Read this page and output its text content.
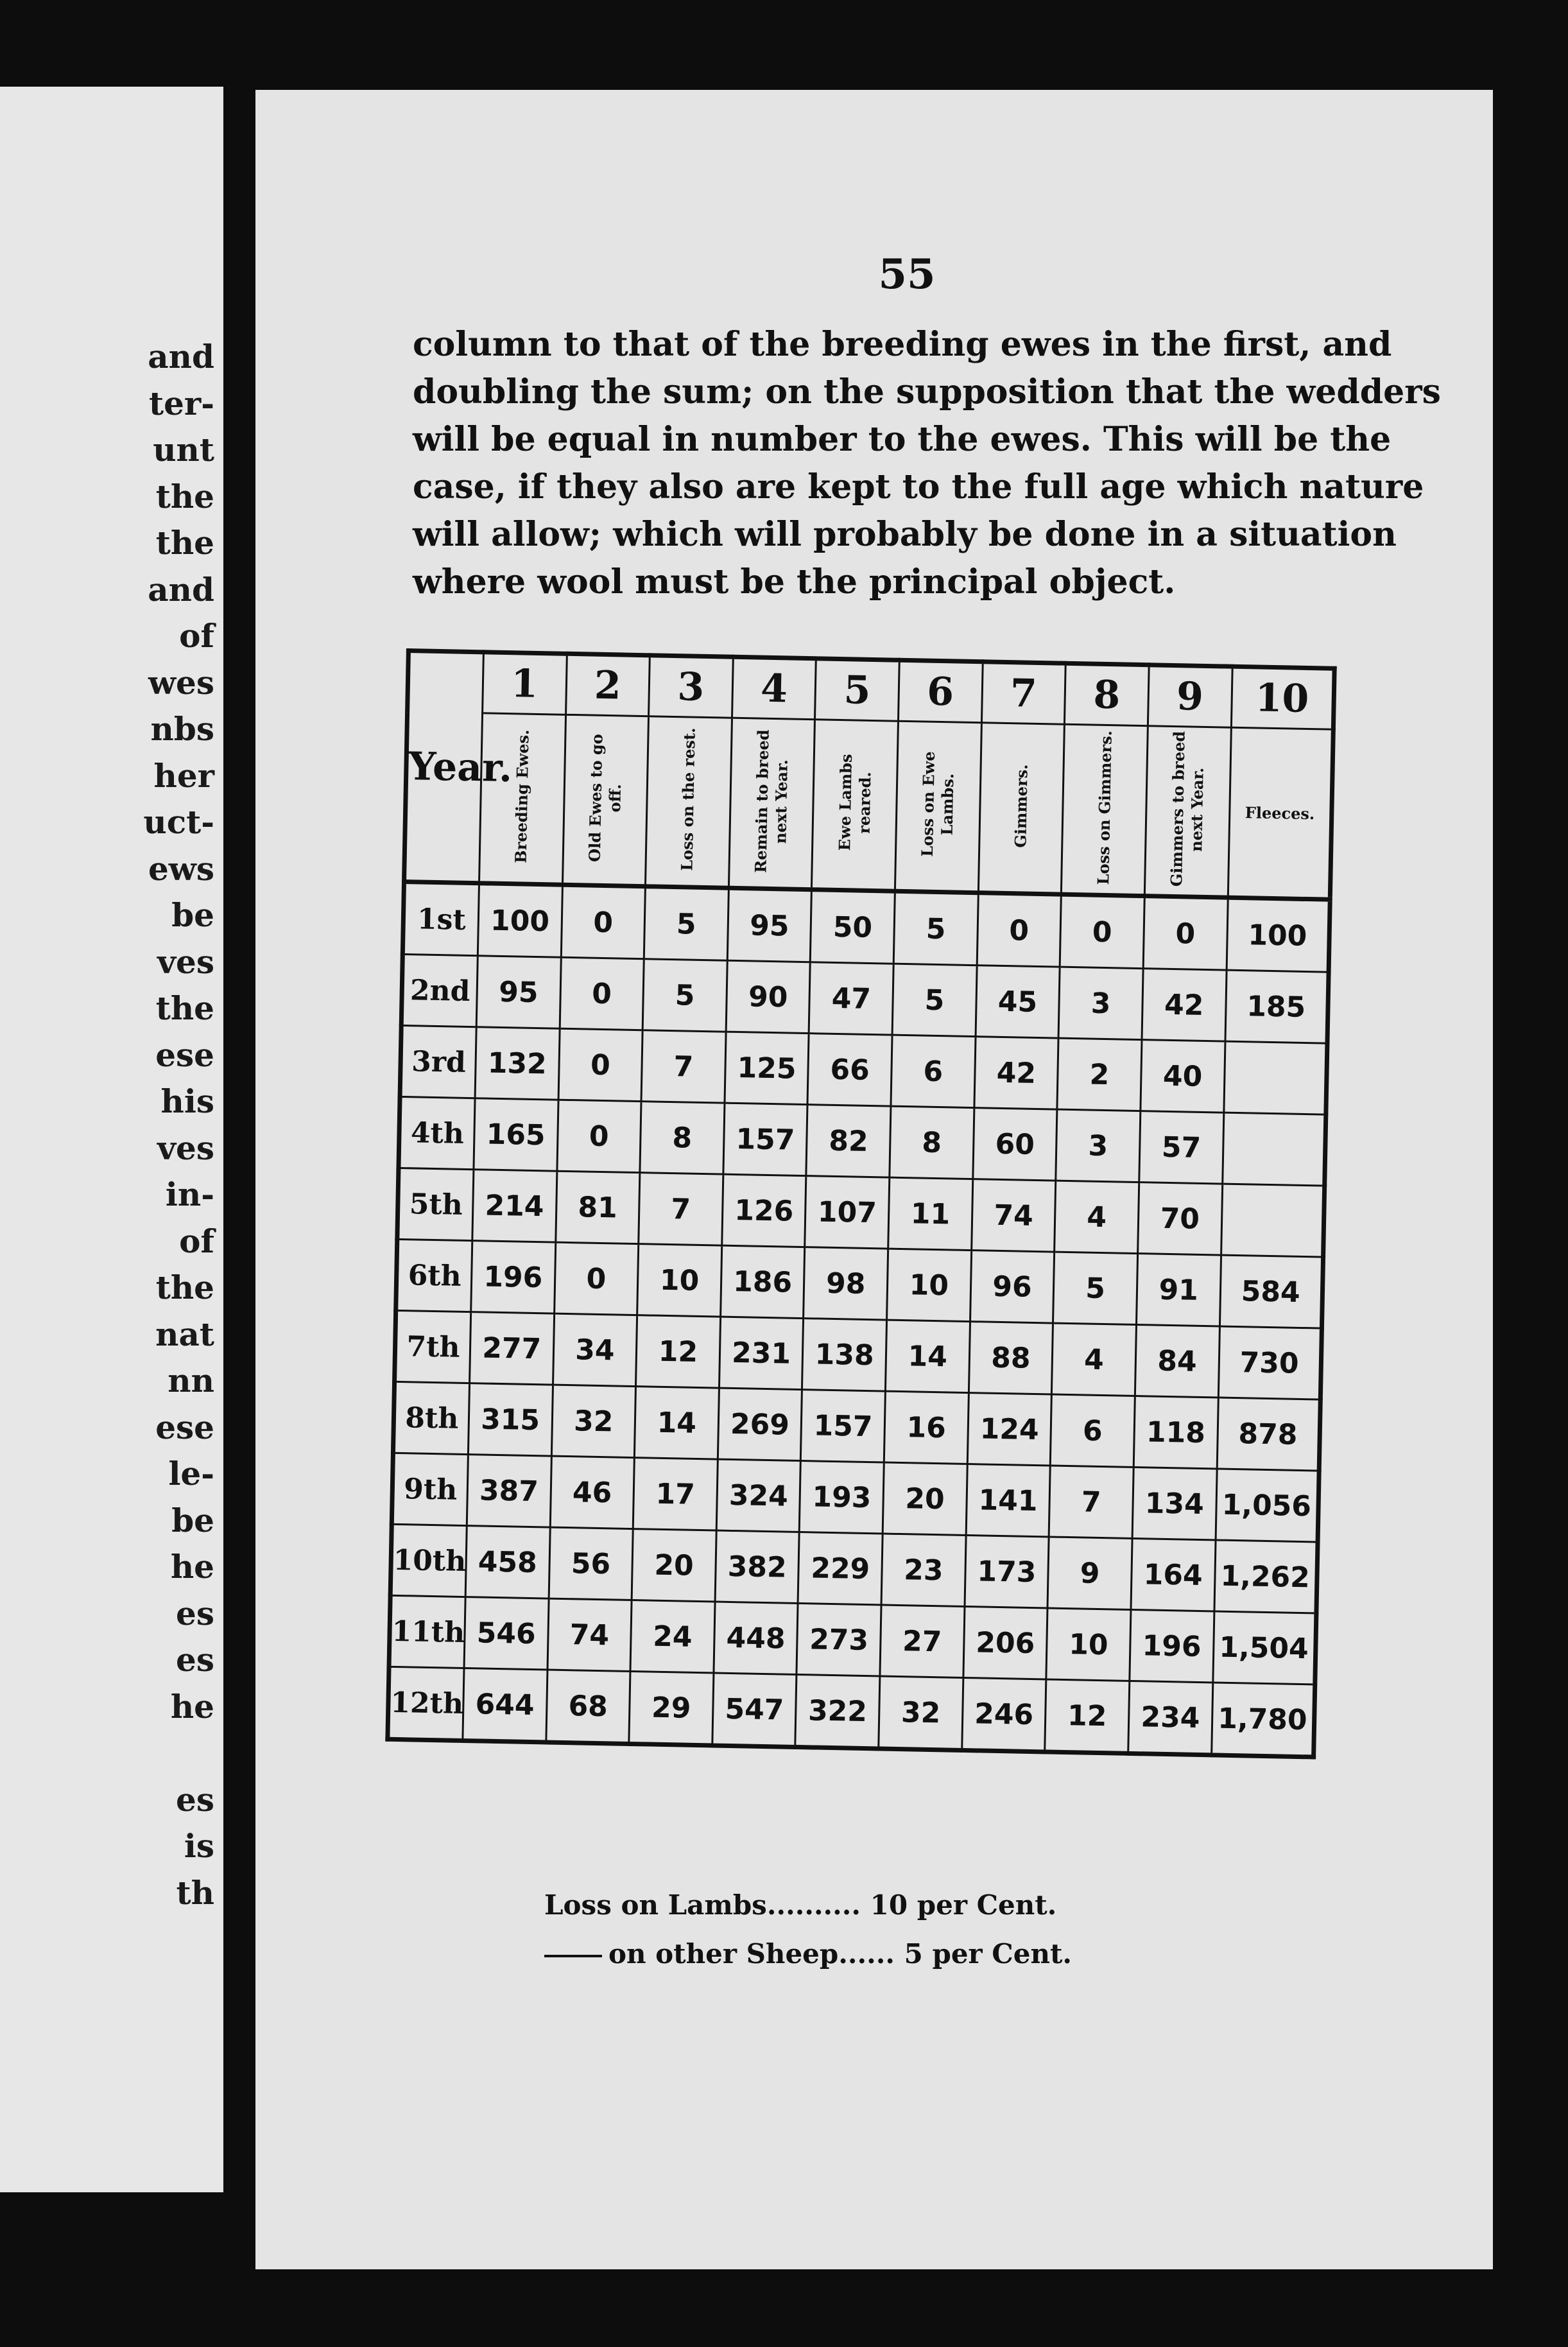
and
ter-
unt
the
the
and
of
wes
nbs
her
uct-
ews
be
ves
the
ese
his
ves
in-
of
the
nat
nn
ese
le-
be
he
es
es
he
es
is
th
55
column to that of the breeding ewes in the first, and
doubling the sum; on the supposition that the wedders
will be equal in number to the ewes. This will be the
case, if they also are kept to the full age which nature
will allow; which will probably be done in a situation
where wool must be the principal object.
Year.	1	2	3	4	5	6	7	8	9	10
	Breeding Ewes.	Old Ewes to go off.	Loss on the rest.	Remain to breed next Year.	Ewe Lambs reared.	Loss on Ewe Lambs.	Gimmers.	Loss on Gimmers.	Gimmers to breed next Year.	Fleeces.
1st	100	0	5	95	50	5	0	0	0	100
2nd	95	0	5	90	47	5	45	3	42	185
3rd	132	0	7	125	66	6	42	2	40	
4th	165	0	8	157	82	8	60	3	57	
5th	214	81	7	126	107	11	74	4	70	
6th	196	0	10	186	98	10	96	5	91	584
7th	277	34	12	231	138	14	88	4	84	730
8th	315	32	14	269	157	16	124	6	118	878
9th	387	46	17	324	193	20	141	7	134	1,056
10th	458	56	20	382	229	23	173	9	164	1,262
11th	546	74	24	448	273	27	206	10	196	1,504
12th	644	68	29	547	322	32	246	12	234	1,780
Loss on Lambs.......... 10 per Cent.
on other Sheep...... 5 per Cent.
